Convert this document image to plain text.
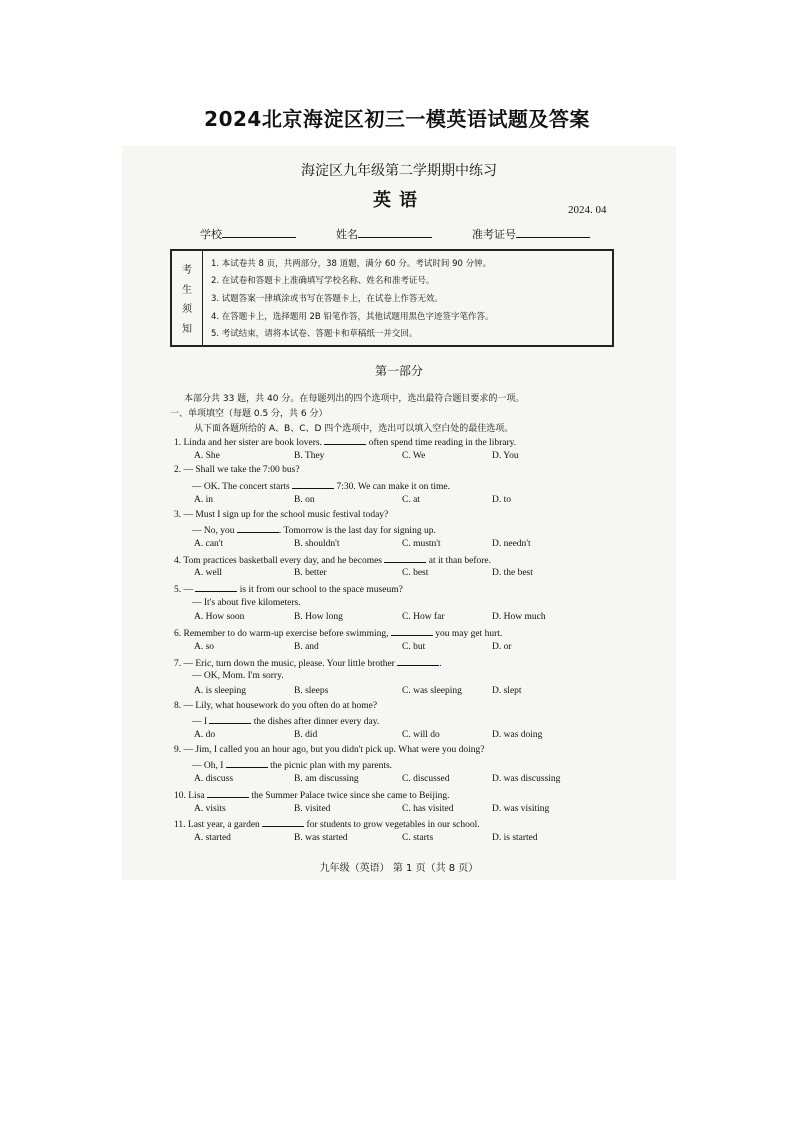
2024北京海淀区初三一模英语试题及答案
海淀区九年级第二学期期中练习
英语	2024. 04
学校	姓名	准考证号
考
生
须
知
1. 本试卷共 8 页，共两部分，38 道题，满分 60 分。考试时间 90 分钟。
2. 在试卷和答题卡上准确填写学校名称、姓名和准考证号。
3. 试题答案一律填涂或书写在答题卡上，在试卷上作答无效。
4. 在答题卡上，选择题用 2B 铅笔作答，其他试题用黑色字迹签字笔作答。
5. 考试结束，请将本试卷、答题卡和草稿纸一并交回。
第一部分
本部分共 33 题，共 40 分。在每题列出的四个选项中，选出最符合题目要求的一项。
一、单项填空（每题 0.5 分，共 6 分）
从下面各题所给的 A、B、C、D 四个选项中，选出可以填入空白处的最佳选项。
1. Linda and her sister are book lovers.	often spend time reading in the library.
A. She	B. They	C. We	D. You
2. — Shall we take the 7:00 bus?
— OK. The concert starts	7:30. We can make it on time.
A. in	B. on	C. at	D. to
3. — Must I sign up for the school music festival today?
— No, you	. Tomorrow is the last day for signing up.
A. can't	B. shouldn't	C. mustn't	D. needn't
4. Tom practices basketball every day, and he becomes	at it than before.
A. well	B. better	C. best	D. the best
5. —	is it from our school to the space museum?
— It's about five kilometers.
A. How soon	B. How long	C. How far	D. How much
6. Remember to do warm-up exercise before swimming,	you may get hurt.
A. so	B. and	C. but	D. or
7. — Eric, turn down the music, please. Your little brother	.
— OK, Mom. I'm sorry.
A. is sleeping	B. sleeps	C. was sleeping	D. slept
8. — Lily, what housework do you often do at home?
— I	the dishes after dinner every day.
A. do	B. did	C. will do	D. was doing
9. — Jim, I called you an hour ago, but you didn't pick up. What were you doing?
— Oh, I	the picnic plan with my parents.
A. discuss	B. am discussing	C. discussed	D. was discussing
10. Lisa	the Summer Palace twice since she came to Beijing.
A. visits	B. visited	C. has visited	D. was visiting
11. Last year, a garden	for students to grow vegetables in our school.
A. started	B. was started	C. starts	D. is started
九年级（英语） 第 1 页（共 8 页）
